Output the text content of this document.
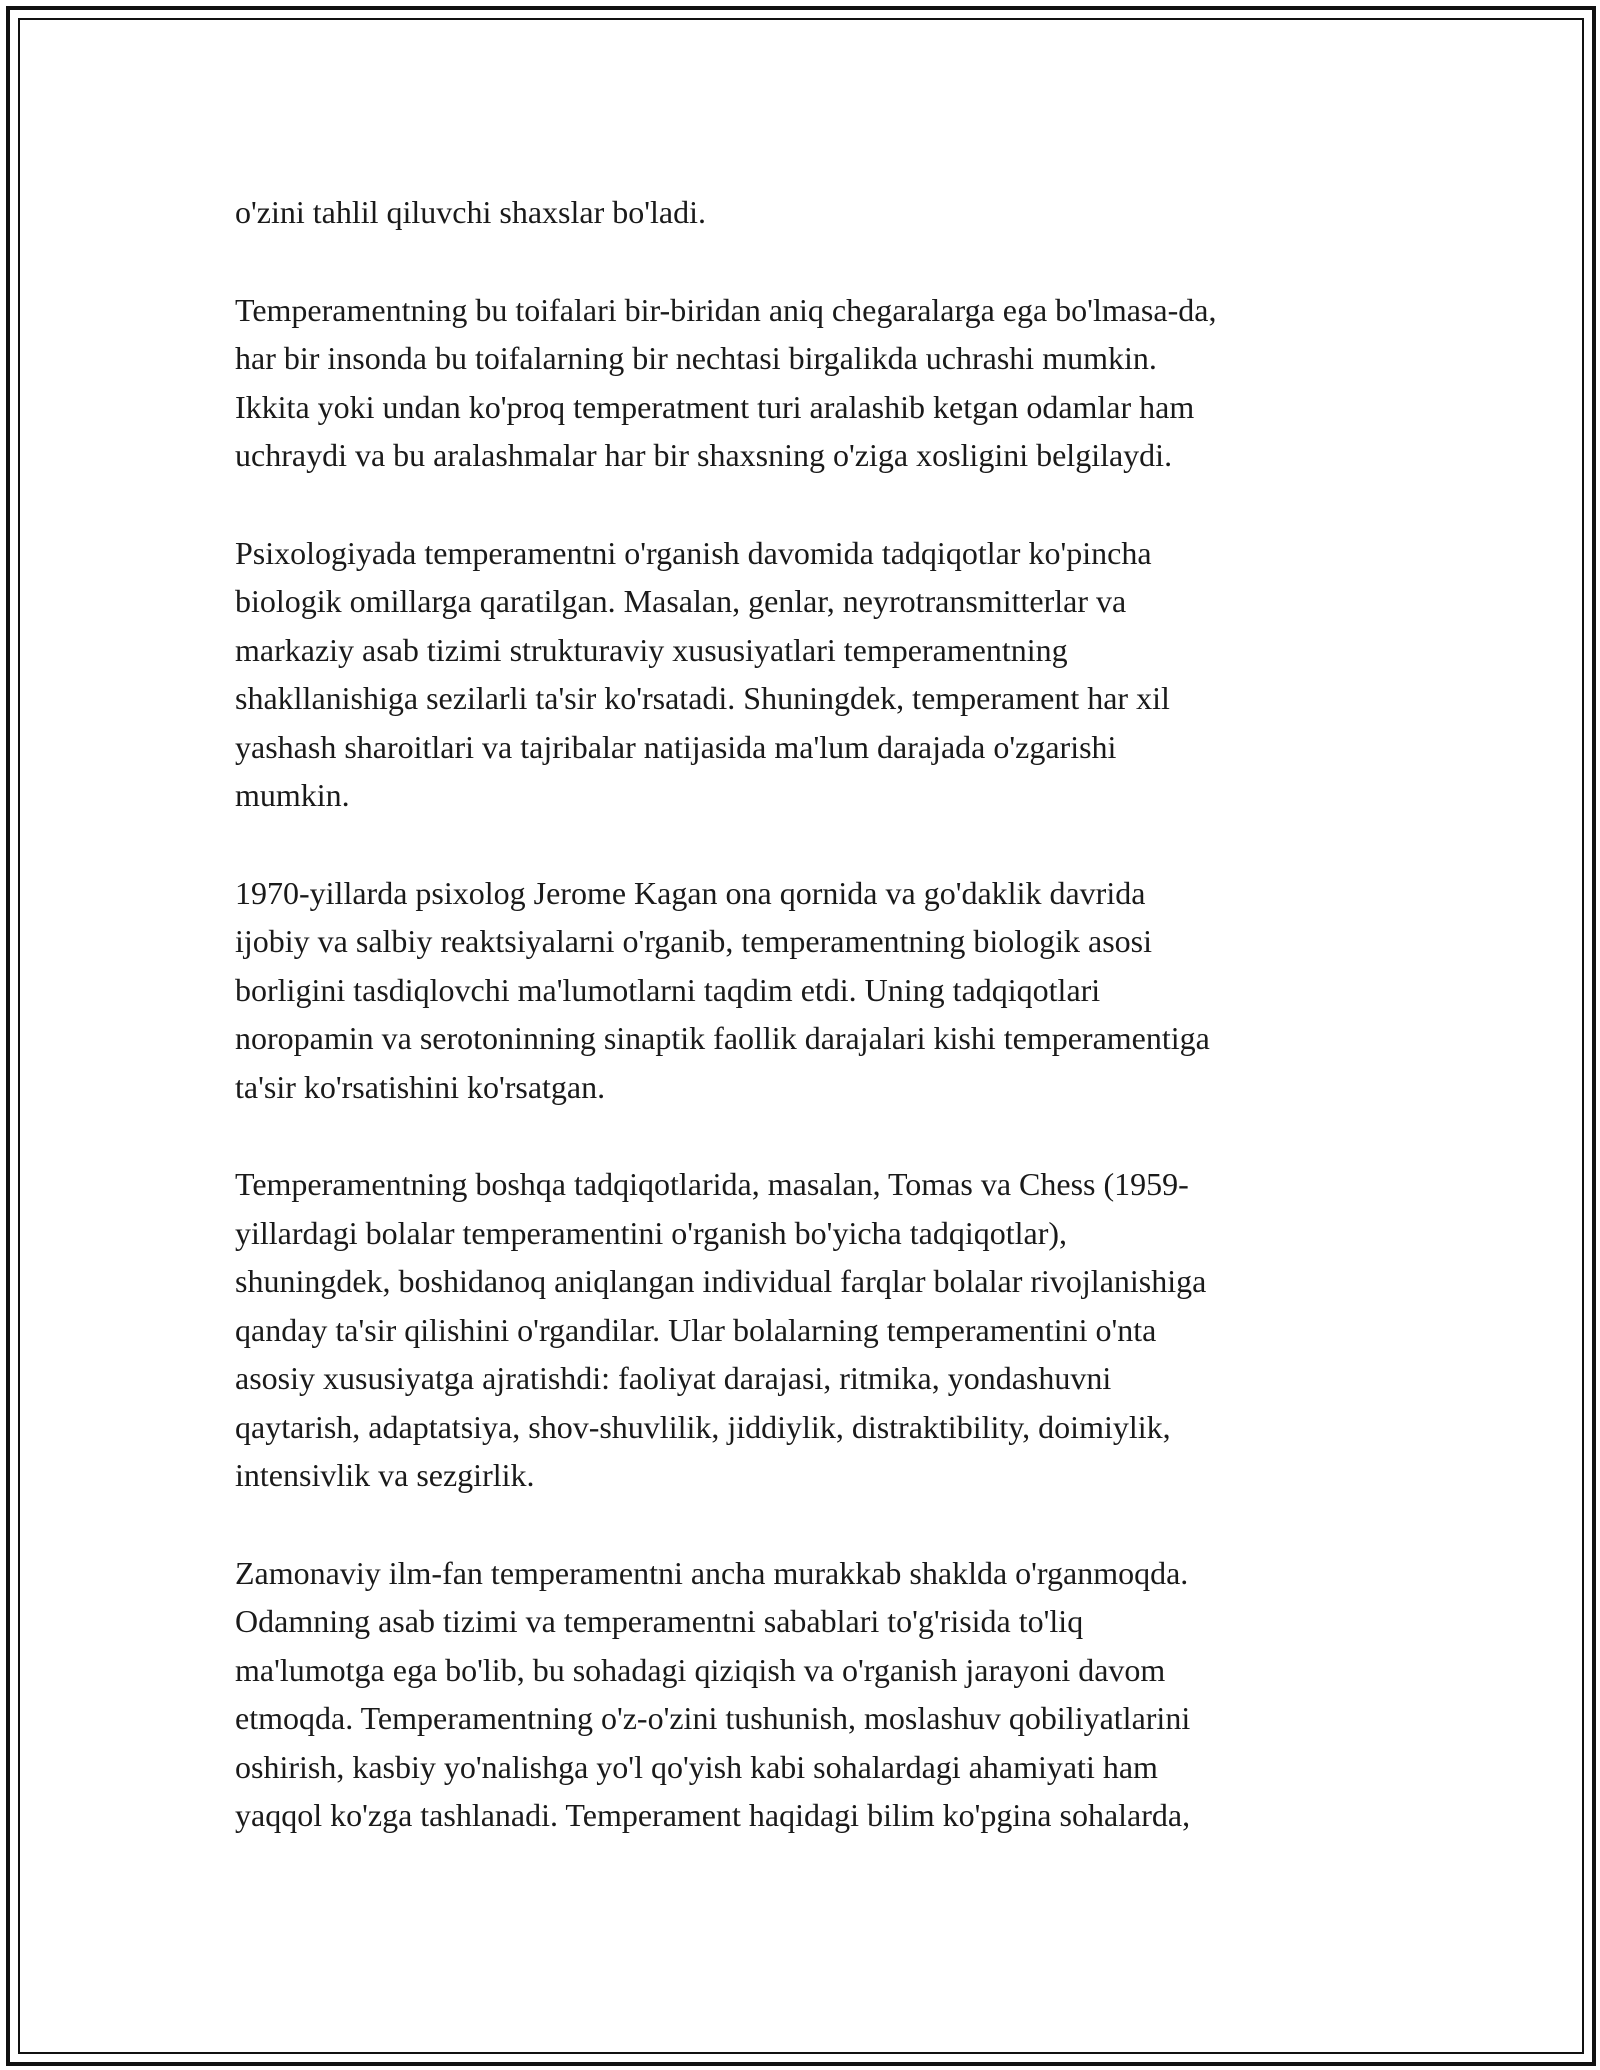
o'zini tahlil qiluvchi shaxslar bo'ladi.

Temperamentning bu toifalari bir-biridan aniq chegaralarga ega bo'lmasa-da,
har bir insonda bu toifalarning bir nechtasi birgalikda uchrashi mumkin.
Ikkita yoki undan ko'proq temperatment turi aralashib ketgan odamlar ham
uchraydi va bu aralashmalar har bir shaxsning o'ziga xosligini belgilaydi.

Psixologiyada temperamentni o'rganish davomida tadqiqotlar ko'pincha
biologik omillarga qaratilgan. Masalan, genlar, neyrotransmitterlar va
markaziy asab tizimi strukturaviy xususiyatlari temperamentning
shakllanishiga sezilarli ta'sir ko'rsatadi. Shuningdek, temperament har xil
yashash sharoitlari va tajribalar natijasida ma'lum darajada o'zgarishi
mumkin.

1970-yillarda psixolog Jerome Kagan ona qornida va go'daklik davrida
ijobiy va salbiy reaktsiyalarni o'rganib, temperamentning biologik asosi
borligini tasdiqlovchi ma'lumotlarni taqdim etdi. Uning tadqiqotlari
noropamin va serotoninning sinaptik faollik darajalari kishi temperamentiga
ta'sir ko'rsatishini ko'rsatgan.

Temperamentning boshqa tadqiqotlarida, masalan, Tomas va Chess (1959-
yillardagi bolalar temperamentini o'rganish bo'yicha tadqiqotlar),
shuningdek, boshidanoq aniqlangan individual farqlar bolalar rivojlanishiga
qanday ta'sir qilishini o'rgandilar. Ular bolalarning temperamentini o'nta
asosiy xususiyatga ajratishdi: faoliyat darajasi, ritmika, yondashuvni
qaytarish, adaptatsiya, shov-shuvlilik, jiddiylik, distraktibility, doimiylik,
intensivlik va sezgirlik.

Zamonaviy ilm-fan temperamentni ancha murakkab shaklda o'rganmoqda.
Odamning asab tizimi va temperamentni sabablari to'g'risida to'liq
ma'lumotga ega bo'lib, bu sohadagi qiziqish va o'rganish jarayoni davom
etmoqda. Temperamentning o'z-o'zini tushunish, moslashuv qobiliyatlarini
oshirish, kasbiy yo'nalishga yo'l qo'yish kabi sohalardagi ahamiyati ham
yaqqol ko'zga tashlanadi. Temperament haqidagi bilim ko'pgina sohalarda,
